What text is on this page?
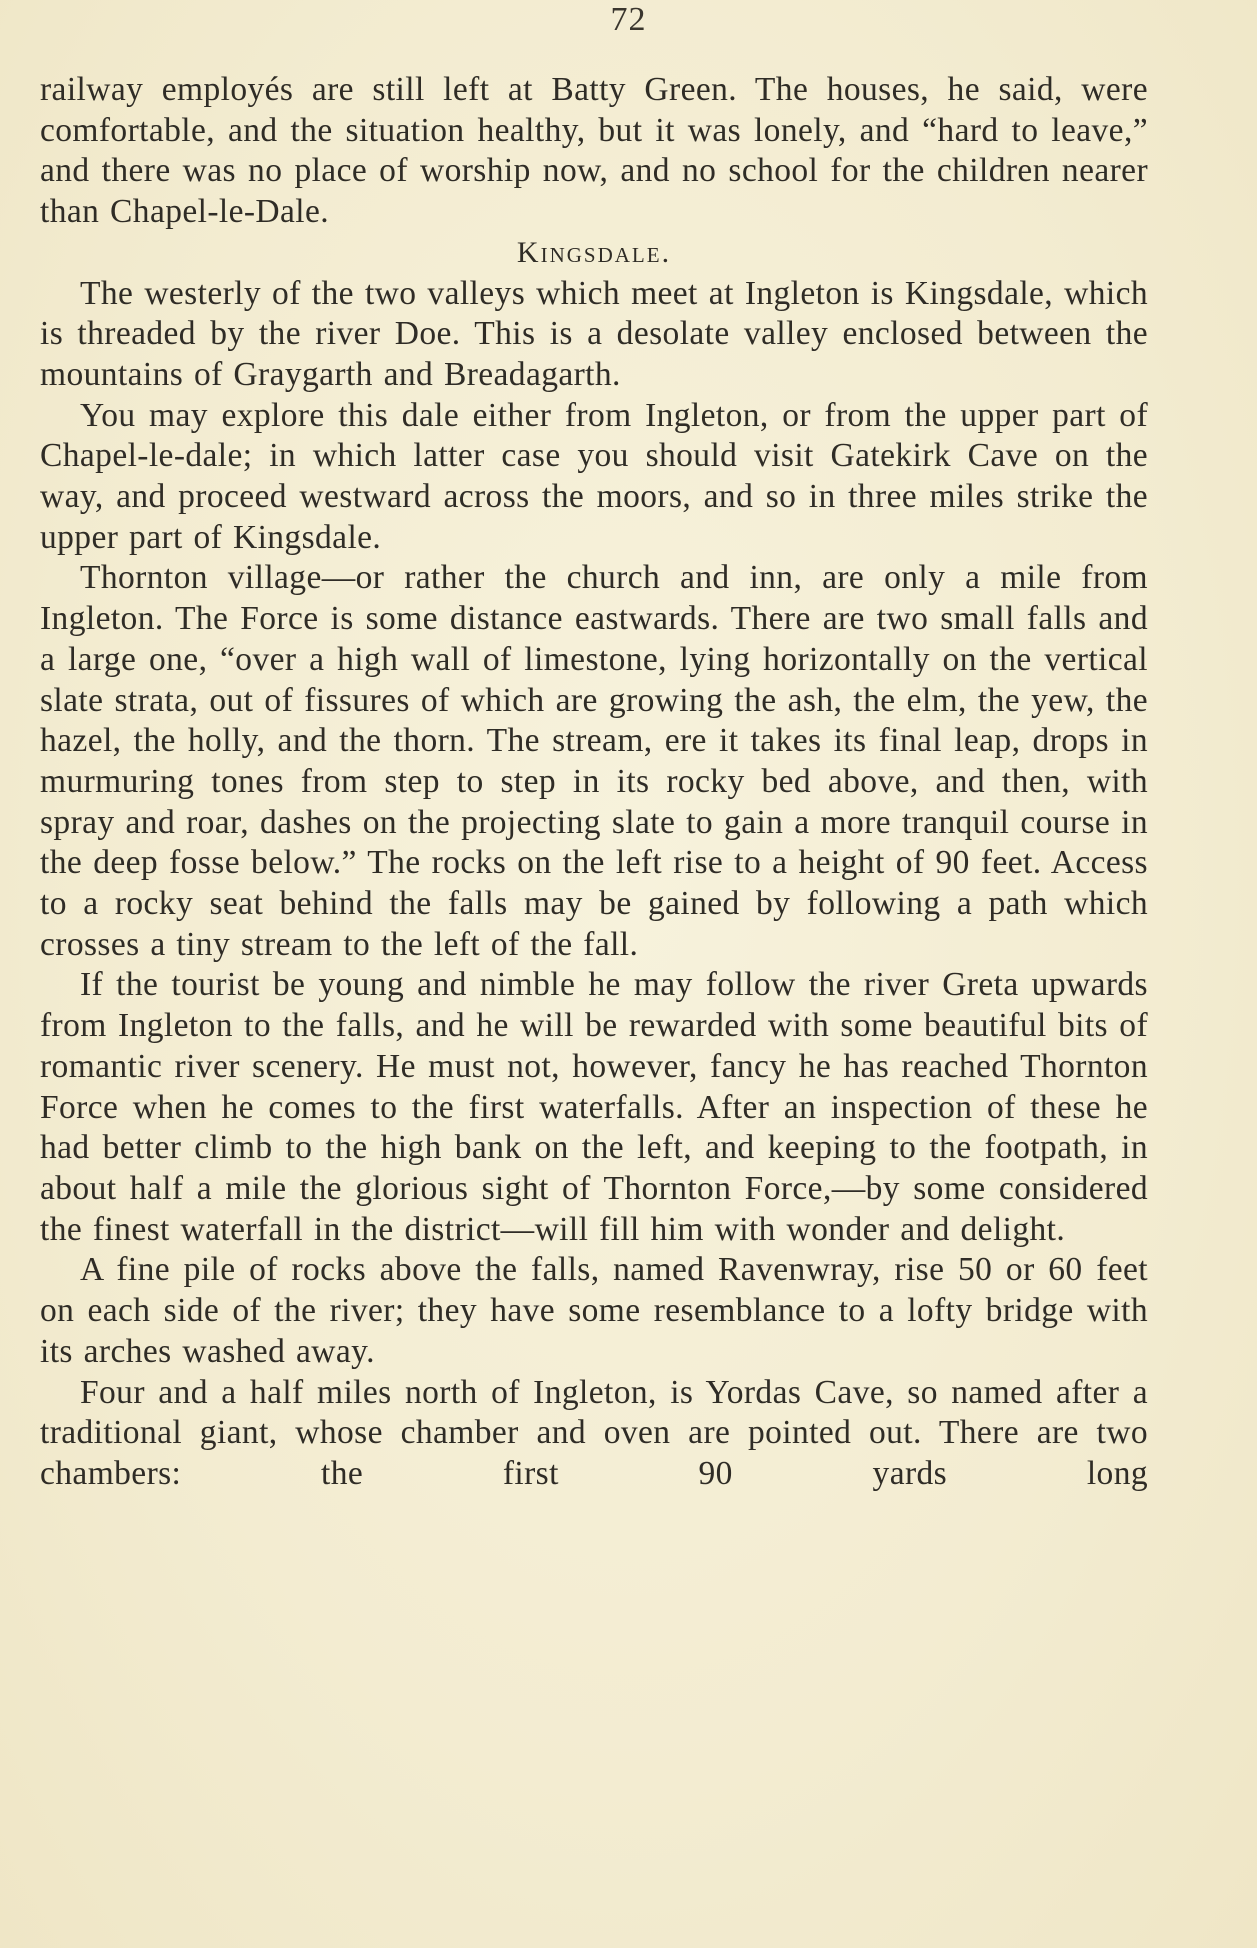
72

railway employés are still left at Batty Green. The houses, he said, were comfortable, and the situation healthy, but it was lonely, and “hard to leave,” and there was no place of worship now, and no school for the children nearer than Chapel-le-Dale.

Kingsdale.

The westerly of the two valleys which meet at Ingleton is Kingsdale, which is threaded by the river Doe. This is a desolate valley enclosed between the mountains of Graygarth and Breadagarth.

You may explore this dale either from Ingleton, or from the upper part of Chapel-le-dale; in which latter case you should visit Gatekirk Cave on the way, and proceed westward across the moors, and so in three miles strike the upper part of Kingsdale.

Thornton village—or rather the church and inn, are only a mile from Ingleton. The Force is some distance eastwards. There are two small falls and a large one, “over a high wall of limestone, lying horizontally on the vertical slate strata, out of fissures of which are growing the ash, the elm, the yew, the hazel, the holly, and the thorn. The stream, ere it takes its final leap, drops in murmuring tones from step to step in its rocky bed above, and then, with spray and roar, dashes on the projecting slate to gain a more tranquil course in the deep fosse below.” The rocks on the left rise to a height of 90 feet. Access to a rocky seat behind the falls may be gained by following a path which crosses a tiny stream to the left of the fall.

If the tourist be young and nimble he may follow the river Greta upwards from Ingleton to the falls, and he will be rewarded with some beautiful bits of romantic river scenery. He must not, however, fancy he has reached Thornton Force when he comes to the first waterfalls. After an inspection of these he had better climb to the high bank on the left, and keeping to the footpath, in about half a mile the glorious sight of Thornton Force,—by some considered the finest waterfall in the district—will fill him with wonder and delight.

A fine pile of rocks above the falls, named Ravenwray, rise 50 or 60 feet on each side of the river; they have some resemblance to a lofty bridge with its arches washed away.

Four and a half miles north of Ingleton, is Yordas Cave, so named after a traditional giant, whose chamber and oven are pointed out. There are two chambers: the first 90 yards long
